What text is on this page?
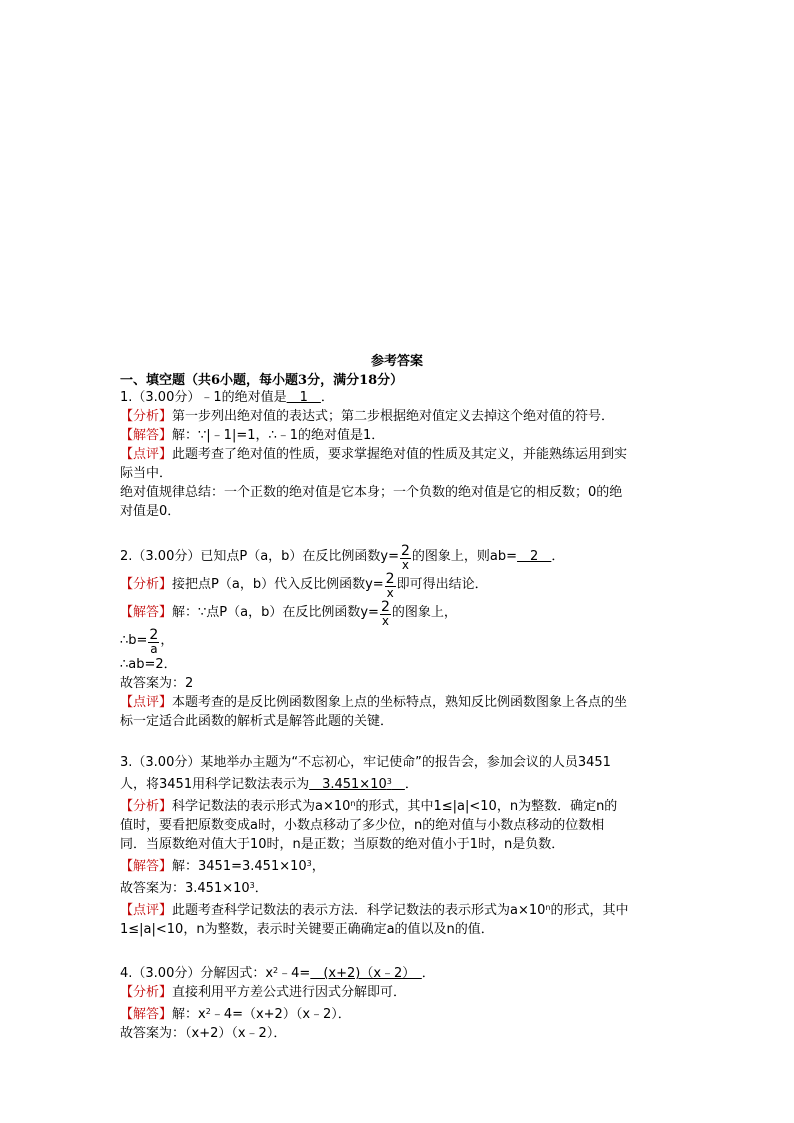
参考答案
一、填空题（共6小题，每小题3分，满分18分）
1.（3.00分）﹣1的绝对值是　1　．
【分析】第一步列出绝对值的表达式；第二步根据绝对值定义去掉这个绝对值的符号．
【解答】解：∵|﹣1|=1，∴﹣1的绝对值是1．
【点评】此题考查了绝对值的性质，要求掌握绝对值的性质及其定义，并能熟练运用到实
际当中．
绝对值规律总结：一个正数的绝对值是它本身；一个负数的绝对值是它的相反数；0的绝
对值是0．
2.（3.00分）已知点P（a，b）在反比例函数$y= \frac{2}{x}$ 的图象上，则ab=　2　．
【分析】接把点P（a，b）代入反比例函数$y= \frac{2}{x}$ 即可得出结论．
【解答】解：∵点P（a，b）在反比例函数$y= \frac{2}{x}$ 的图象上，
∴b= $\frac{2}{a}$ ，
∴ab=2．
故答案为：2
【点评】本题考查的是反比例函数图象上点的坐标特点，熟知反比例函数图象上各点的坐
标一定适合此函数的解析式是解答此题的关键．
3.（3.00分）某地举办主题为“不忘初心，牢记使命”的报告会，参加会议的人员3451
人，将3451用科学记数法表示为　$3.451\times 10^3$　 ．
【分析】科学记数法的表示形式为$a\times 10^n$的形式，其中1≤|a|<10，n为整数．确定n的
值时，要看把原数变成a时，小数点移动了多少位，n的绝对值与小数点移动的位数相
同．当原数绝对值大于10时，n是正数；当原数的绝对值小于1时，n是负数．
【解答】解：$3451=3.451\times 10^3$，
故答案为：$3.451\times 10^3$．
【点评】此题考查科学记数法的表示方法．科学记数法的表示形式为$a\times 10^n$的形式，其中
1≤|a|<10，n为整数，表示时关键要正确确定a的值以及n的值．
4.（3.00分）分解因式：$x^2﹣4=$　(x+2)（x﹣2）　．
【分析】直接利用平方差公式进行因式分解即可．
【解答】解：$x^2﹣4=(x+2)(x﹣2)$．
故答案为：（x+2）（x﹣2）．
